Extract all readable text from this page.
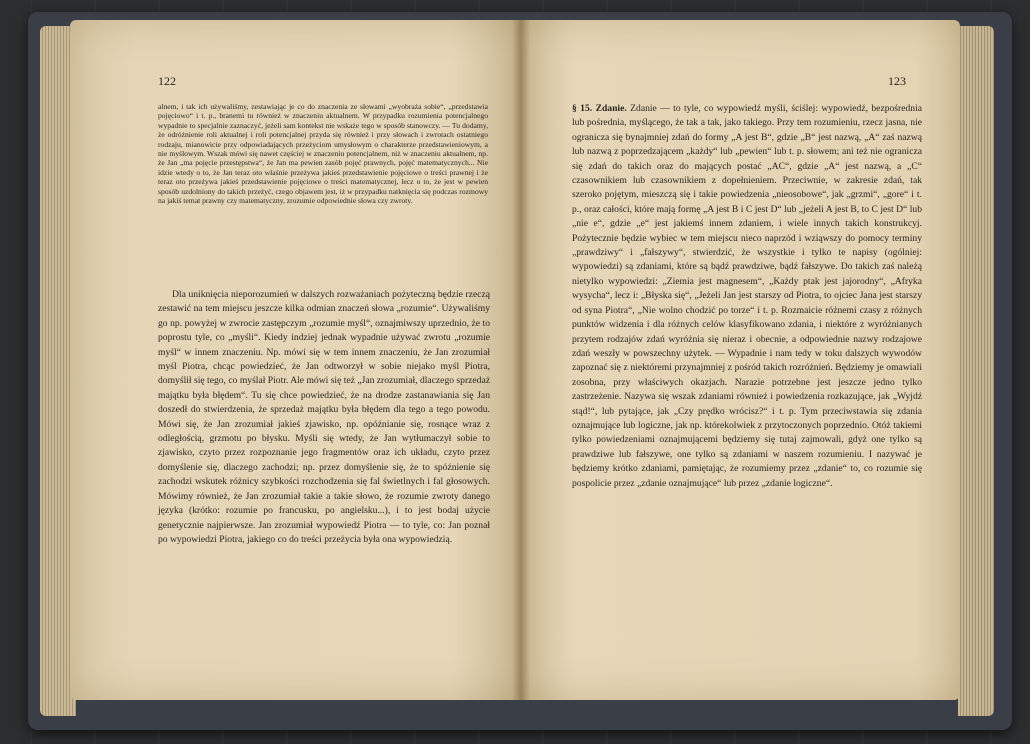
122

alnem, i tak ich używaliśmy, zestawiając je co do znaczenia ze słowami „wyobraża sobie“, „przedstawia pojęciowo“ i t. p., branemi tu również w znaczeniu aktualnem. W przypadku rozumienia potencjalnego wypadnie to specjalnie zaznaczyć, jeżeli sam kontekst nie wskaże tego w sposób stanowczy. — Tu dodamy, że odróżnienie roli aktualnej i roli potencjalnej przyda się również i przy słowach i zwrotach ostatniego rodzaju, mianowicie przy odpowiadających przeżyciom umysłowym o charakterze przedstawieniowym, a nie myślowym. Wszak mówi się nawet częściej w znaczeniu potencjalnem, niż w znaczeniu aktualnem, np. że Jan „ma pojęcie przestępstwa“, że Jan ma pewien zasób pojęć prawnych, pojęć matematycznych... Nie idzie wtedy o to, że Jan teraz oto właśnie przeżywa jakieś przedstawienie pojęciowe o treści prawnej i że teraz oto przeżywa jakieś przedstawienie pojęciowe o treści matematycznej, lecz o to, że jest w pewien sposób uzdolniony do takich przeżyć, czego objawem jest, iż w przypadku natknięcia się podczas rozmowy na jakiś temat prawny czy matematyczny, zrozumie odpowiednie słowa czy zwroty.

Dla uniknięcia nieporozumień w dalszych rozważaniach pożyteczną będzie rzeczą zestawić na tem miejscu jeszcze kilka odmian znaczeń słowa „rozumie“. Używaliśmy go np. powyżej w zwrocie zastępczym „rozumie myśl“, oznajmiwszy uprzednio, że to poprostu tyle, co „myśli“. Kiedy indziej jednak wypadnie używać zwrotu „rozumie myśl“ w innem znaczeniu. Np. mówi się w tem innem znaczeniu, że Jan zrozumiał myśl Piotra, chcąc powiedzieć, że Jan odtworzył w sobie niejako myśl Piotra, domyślił się tego, co myślał Piotr. Ale mówi się też „Jan zrozumiał, dlaczego sprzedaż majątku była błędem“. Tu się chce powiedzieć, że na drodze zastanawiania się Jan doszedł do stwierdzenia, że sprzedaż majątku była błędem dla tego a tego powodu. Mówi się, że Jan zrozumiał jakieś zjawisko, np. opóźnianie się, rosnące wraz z odległością, grzmotu po błysku. Myśli się wtedy, że Jan wytłumaczył sobie to zjawisko, czyto przez rozpoznanie jego fragmentów oraz ich układu, czyto przez domyślenie się, dlaczego zachodzi; np. przez domyślenie się, że to spóźnienie się zachodzi wskutek różnicy szybkości rozchodzenia się fal świetlnych i fal głosowych. Mówimy również, że Jan zrozumiał takie a takie słowo, że rozumie zwroty danego języka (krótko: rozumie po francusku, po angielsku...), i to jest bodaj użycie genetycznie najpierwsze. Jan zrozumiał wypowiedź Piotra — to tyle, co: Jan poznał po wypowiedzi Piotra, jakiego co do treści przeżycia była ona wypowiedzią.

123

§ 15. Zdanie. Zdanie — to tyle, co wypowiedź myśli, ściślej: wypowiedź, bezpośrednia lub pośrednia, myślącego, że tak a tak, jako takiego. Przy tem rozumieniu, rzecz jasna, nie ogranicza się bynajmniej zdań do formy „A jest B“, gdzie „B“ jest nazwą, „A“ zaś nazwą lub nazwą z poprzedzającem „każdy“ lub „pewien“ lub t. p. słowem; ani też nie ogranicza się zdań do takich oraz do mających postać „AC“, gdzie „A“ jest nazwą, a „C“ czasownikiem lub czasownikiem z dopełnieniem. Przeciwnie, w zakresie zdań, tak szeroko pojętym, mieszczą się i takie powiedzenia „nieosobowe“, jak „grzmi“, „gore“ i t. p., oraz całości, które mają formę „A jest B i C jest D“ lub „jeżeli A jest B, to C jest D“ lub „nie e“, gdzie „e“ jest jakiemś innem zdaniem, i wiele innych takich konstrukcyj. Pożytecznie będzie wybiec w tem miejscu nieco naprzód i wziąwszy do pomocy terminy „prawdziwy“ i „fałszywy“, stwierdzić, że wszystkie i tylko te napisy (ogólniej: wypowiedzi) są zdaniami, które są bądź prawdziwe, bądź fałszywe. Do takich zaś należą nietylko wypowiedzi: „Ziemia jest magnesem“, „Każdy ptak jest jajorodny“, „Afryka wysycha“, lecz i: „Błyska się“, „Jeżeli Jan jest starszy od Piotra, to ojciec Jana jest starszy od syna Piotra“, „Nie wolno chodzić po torze“ i t. p. Rozmaicie różnemi czasy z różnych punktów widzenia i dla różnych celów klasyfikowano zdania, i niektóre z wyróżnianych przytem rodzajów zdań wyróżnia się nieraz i obecnie, a odpowiednie nazwy rodzajowe zdań weszły w powszechny użytek. — Wypadnie i nam tedy w toku dalszych wywodów zapoznać się z niektóremi przynajmniej z pośród takich rozróżnień. Będziemy je omawiali zosobna, przy właściwych okazjach. Narazie potrzebne jest jeszcze jedno tylko zastrzeżenie. Nazywa się wszak zdaniami również i powiedzenia rozkazujące, jak „Wyjdź stąd!“, lub pytające, jak „Czy prędko wrócisz?“ i t. p. Tym przeciwstawia się zdania oznajmujące lub logiczne, jak np. którekolwiek z przytoczonych poprzednio. Otóż takiemi tylko powiedzeniami oznajmującemi będziemy się tutaj zajmowali, gdyż one tylko są prawdziwe lub fałszywe, one tylko są zdaniami w naszem rozumieniu. I nazywać je będziemy krótko zdaniami, pamiętając, że rozumiemy przez „zdanie“ to, co rozumie się pospolicie przez „zdanie oznajmujące“ lub przez „zdanie logiczne“.
